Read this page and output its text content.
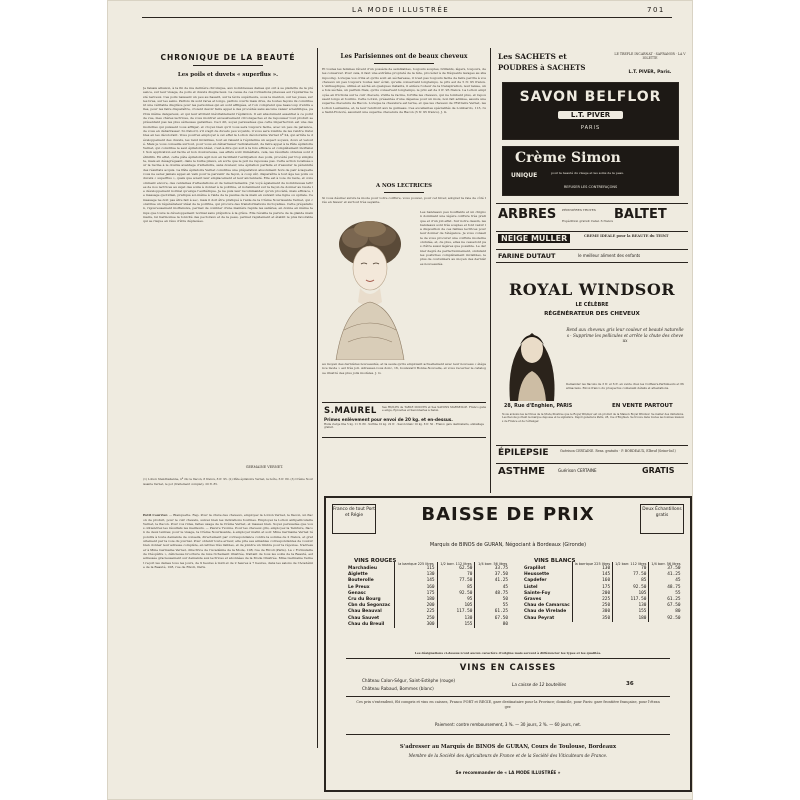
LA MODE ILLUSTRÉE	701
CHRONIQUE DE LA BEAUTÉ
Les poils et duvets « superflus ».
Je faisais allusion, à la fin de ma dernière chronique, aux nombreuses dames qui ont à se plaindre de la présence, sur leur visage, de poils et duvets disgracieux. La cause de ces formations pileuses est l'épiderme resté nerveux. Ces poils naissent un peu au hasard, sur la lèvre supérieure, sous le menton, sur les joues, sur les bras, sur les seins. Parfois ils sont rares et longs, parfois courts mais drus, de toutes façons ils constituent une véritable disgrâce pour les personnes qui en sont affligées, et l'on comprend que beaucoup d'entre elles, pour les faire disparaître, croient devoir faire appel à des procédés sans aucune valeur scientifique, parfois même dangereux, et qui leur attirent inévitablement l'épilation. Il est absolument essentiel à ce point de vue, mes chères lectrices, de vous montrer excessivement circonspectes et de repousser tout produit se présentant pas les plus sérieuses garanties. Ceci dit, soyez persuadées que cette imperfection est une des moindres qui puissent vous affliger, et croyez bien qu'il vous sera toujours facile, avec un peu de patience, de vous en débarrasser. Si d'abord, s'il s'agit de duvets peu voyants, il vous sera loisible de les rendre invisibles en les décolorant. Vous pourrez employer à cet effet la Lotion décolorante Vernet nº 24, qui arrête le développement des duvets, les rend invisibles, tout en faisant à l'épiderme un aspect soyeux, doux et velouté. Mais je vous conseille surtout, pour vous en débarrasser radicalement, de faire appel à la Pâte épilatoire Vernet, qui constitue le seul épilatoire idéal, c'est-à-dire qui soit à la fois efficace et complètement inoffensif. Son application est facile et non douloureuse, ses effets sont immédiats, cela, les résultats obtenus sont définitifs. En effet, cette pâte épilatoire agit non en facilitant l'extirpation des poils, procédé par trop simpliste, mais en désagrégeant, dans le bulbe pileux, en sorte que le poil ne repousse pas. Cette action localisée sur la racine à le double avantage d'atteindre, sans douleur, une épilation parfaite et d'assurer la pérennité des résultats acquis. La Pâte épilatoire Vernet constitue une préparation absolument hors de pair à laquelle vous ne serez jamais appel en vain pour le parvenir de façon, à coup sûr, disparaître à tout âge les poils ou duvets « superflus », quels que soient leur emplacement et leur ancienneté. Elle est à voie du reste, et consomment encore, des centaines d'attestations et de remerciements. J'ai voyé également de nombreuses lettres de nos lectrices au sujet des soins à donner à la poitrine, et notamment sur la façon de donner au buste le développement normal qu'exige l'esthétique. Je ne puis leur recommander qu'un procédé, mais efficace, le massage quotidien, pratiqué soi-même à l'aide de la paume de la main en suivant une ligne ou spirale. Ce massage ne doit pas être fait à sec, mais il doit être pratiqué à l'aide de la Crème Nourissante Vernet, qui constitue un régénérateur idéal de la poitrine, qui procure des transformations incroyables. Cette préparation, rigoureusement inoffensive, permet de combler d'une manière rapide les salières, en donne en même temps que toute le développement normal sans préjudice à la grâce. Elle réveille la parure de la glande mammaire, lui harmonise la tonicité des pectoraux et de la peau, permet rapidement et établit le plus favorable qui se risque en réus d'être déplacées.
GERMAINE VERNET.
(1) Lotion Stendhalienne, nº 24; le flacon, 8 francs, 8 fr. 95. (2) Pâte épilatoire Vernet, la boîte, 6 fr. 80. (3) Crème Nourissante Vernet, le pot (traitement complet), 20 fr. 85.
Petit Courrier. — Blanquette. Rep. Pour la chute des cheveux, employez la Lotion Vernet, le flacon, un flacon de produit, pour le cuir chevelu, suivez bien les indications fournies. Employez la Lotion antipelliculaire Vernet, le flacon. Pour vos rides, faites usage de la Crème Vernet, et massez bien. Soyez persuadée que vous obtiendrez les résultats les meilleurs. — Pauvre Yvonne. Pour les cheveux gris, employez la Teinture, flacon de deux teintes; pour le visage, la Crème Nourissante, à employer matin et soir. Mme Germaine Vernet répondra à toute demande de conseils, directement par correspondance contre la somme de 2 francs, et gratuitement par la voie du journal. Pour obtenir toute erreur, elle prie ses aimables correspondantes de vouloir bien donner leur adresse complète, en lettres très lisibles, et de joindre un timbre pour la réponse. S'adresser à Mme Germaine Vernet, directrice de l'Académie de la Mode, 108, rue de Rivoli (Paris). La « Formulaire de Cléopâtre », délicieuse brochure de luxe richement illustrée, traitant de tous les soins de la Beauté, est adressée gracieusement sur demande aux lectrices et abonnées de la Mode Illustrée. Mme Germaine Vernet reçoit les dames tous les jours, de 9 heures à midi et de 2 heures à 7 heures, dans les salons de l'Académie de la Beauté, 108, rue de Rivoli, Paris.
Les Parisiennes ont de beaux cheveux
Et toutes les femmes rêvent d'un possède de semblables, toujours souples, brillants, légers, toujours, de les conserver. Pour cela, il faut une extrême propreté de la tête, procéder à de fréquents lavages au shampooing. Lorsque vos crins et qu'ils sont en sécheresse, il n'est pas toujours facile de faire perdre à vos cheveux un peu toujours toutes leur éclat, qu'elle conservant longtemps, le prix est de 5 fr. 95 francs. L'Antiseptique, utilisé et séché en quelques instants, il enlève l'odeur de la transpiration, leur laisse, une fois séchés, un parfum frais, qu'ils conservent longtemps, le prix est de 2 fr. 95 francs. La Lotion employée en frictions sur le cuir chevelu, vivifie la racine, fortifie les cheveux, qui ne tombent plus, et repoussent longs et fournis. Cette Lotion, présentée d'une dépense pour un mois, non fait admise, assure une superbe chevelure de Bacon. Lorsque la chevelure est terne, et que les cheveux de l'Extraire Vernet, les Lotion Lesbienne, et, la leur rendront aux la guimeau. Ces excellentes spécialités de Lombardo, 113, rue Saint-Honoré, assurent une superbe chevelure de Bacon (5 fr. 95 francs). J. G.
A NOS LECTRICES
Si vous désirez suivre la mode pour votre coiffure, vous pouvez, pour cet hiver, adopter la raie de côté très en faveur et surtout très seyante.
Les bandeaux peu bouffants et un chignon dominant une légère coiffure très pratique et d'un joli effet. Sur notre dessin, les bandeaux sont très souples et font valoir la disposition de ces faibles lectrices pour leur donner de l'élégance. Je vous conseille de vous procurer une coiffure moderne ondulée, et, de plus, elles ne cesseront pas d'être aussi légères que possible. Le dernier degré de perfectionnement, ondulant les postiches complètement invisibles, le plus de coutumiers au moyen des dernières nouveautés.
au moyen des dernières nouveautés, et la seule qu'ils emploient actuellement avec leur nouveau « élégance mode » est très joli. Adressez-vous donc, 16, boulevard Bonne-Nouvelle, et vous recevrez le catalogue illustré des plus jolis modèles. J. G.
S.MAUREL Ses HUILES de TABLE DOUCES et Ses SAVONS MARSEILLE. Franco ganse exigé, Épiceries et Savonneries à Salon.
Primes enlèvement pour envoi de 20 kg. et en-dessus.
Huile vierge fine 5 kg. 11 fr. 80 · Surfine 10 kg. 22 fr. · Savon blanc 10 kg. 8 fr. 50 · Franco gare destinataire, emballage gratuit.
Les SACHETS et
POUDRES à SACHETS
LE TRÈFLE INCARNAT · SAFRANOR · LA VIOLETTE
L.T. PIVER, Paris.
SAVON BELFLOR
L.T. PIVER
PARIS
Crème Simon
UNIQUE	pour la beauté du visage et les soins de la peau.
REFUSER LES CONTREFAÇONS
ARBRES PÉPINIÈRES TROYES BALTET
Expédition gratuit Catal. 6 francs
NEIGE MULLER	CRÈME IDÉALE pour la BEAUTÉ du TEINT
FARINE DUTAUT	le meilleur aliment des enfants
ROYAL WINDSOR
LE CÉLÈBRE
RÉGÉNÉRATEUR DES CHEVEUX
Rend aux cheveux gris leur couleur et beauté naturelles · Supprime les pellicules et arrête la chute des cheveux
Demander les flacons de 3 fr. et 6 fr. en vente chez les Coiffeurs-Parfumeurs et Pharmaciens. Envoi franco du prospectus contenant détails et attestations.
28, Rue d'Enghien, PARIS	EN VENTE PARTOUT
Nous avisons les lectrices de la Mode Illustrée que le Royal Windsor est un produit de la Maison Royal Windsor. Se méfier des imitations. Les flacons portent la marque déposée et la signature. Dépôt général à Paris, 28, rue d'Enghien. Se trouve dans toutes les bonnes maisons de France et de l'étranger.
ÉPILEPSIE	Guérison CERTAINE. Rens. gratuits · P. BORDEAUX, Elbeuf (Seine-Inf.)
ASTHME	Guérison CERTAINE	GRATIS
Franco de tout Port et Régie	BAISSE DE PRIX	Deux Échantillons gratis
Marquis de BINOS de GURAN, Négociant à Bordeaux (Gironde)
VINS ROUGES
	la barrique 225 litres	1/2 barr. 112 litres	1/4 barr. 56 litres
Marchadieu	115	62.50	33.75
Aiglette	130	70	37.50
Bouterolle	145	77.50	41.25
Le Preux	160	85	45
Genasc	175	92.50	48.75
Cru du Bourg	180	95	50
Cbn du Segonzac	200	105	55
Chau Beauval	225	117.50	61.25
Chau Sauvet	250	130	67.50
Chau du Breuil	300	155	80
VINS BLANCS
	la barrique 225 litres	1/2 barr. 112 litres	1/4 barr. 56 litres
Graplilot	130	70	37.50
Heussette	145	77.50	41.25
Capdefer	160	85	45
Listel	175	92.50	48.75
Sainte-Foy	200	105	55
Graves	225	117.50	61.25
Chau de Camarsac	250	130	67.50
Chau de Virelade	300	155	80
Chau Peyrat	350	180	92.50
Les désignations ci-dessus n'ont aucun caractère d'origine mais servent à différencier les types et les qualités.
VINS EN CAISSES
Château Calon-Ségur, Saint-Estèphe (rouge)
Château Rabaud, Bommes (blanc)
La caisse de 12 bouteilles	36
Ces prix s'entendent, fût compris et vins en caisses, Franco PORT et RÉGIE, gare destinataire pour la Province; domicile, pour Paris: gare frontière française, pour l'étranger.
Paiement: contre remboursement, 3 %. — 30 jours, 2 %. — 60 jours, net.
S'adresser au Marquis de BINOS de GURAN, Cours de Toulouse, Bordeaux
Membre de la Société des Agriculteurs de France et de la Société des Viticulteurs de France.
Se recommander de « LA MODE ILLUSTRÉE »
